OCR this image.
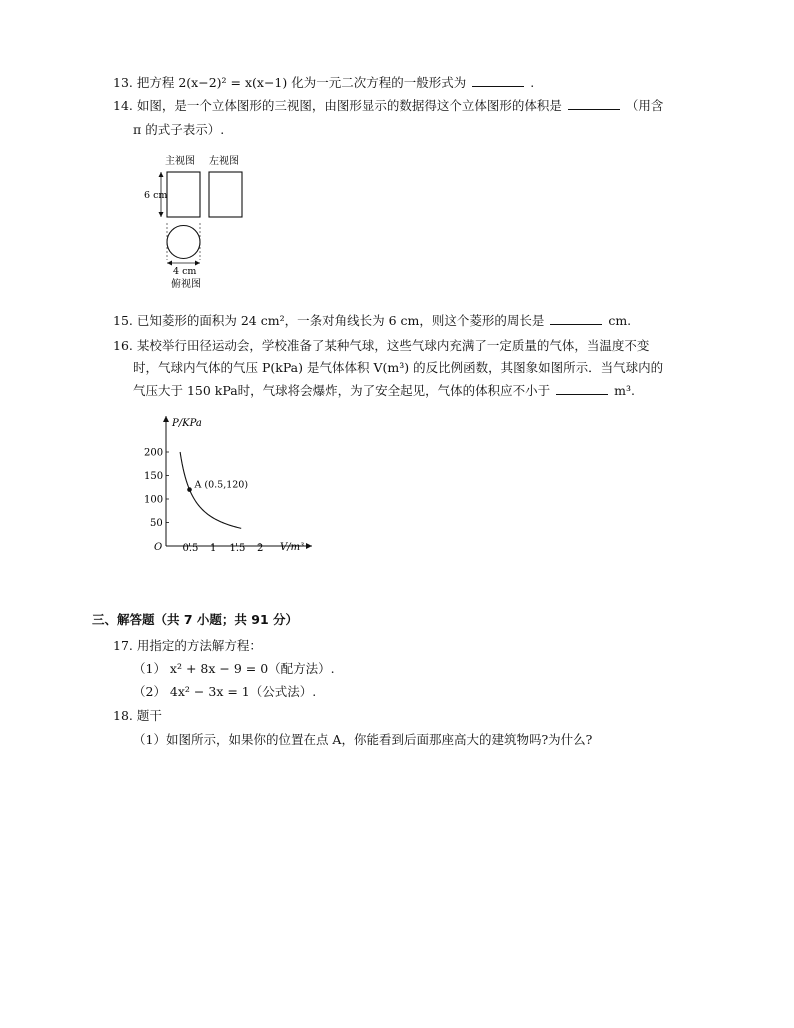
13. 把方程 2(x−2)² = x(x−1) 化为一元二次方程的一般形式为	.
14. 如图，是一个立体图形的三视图，由图形显示的数据得这个立体图形的体积是	（用含
π 的式子表示）.
主视图 左视图
6 cm
4 cm
俯视图
15. 已知菱形的面积为 24 cm²，一条对角线长为 6 cm，则这个菱形的周长是	cm.
16. 某校举行田径运动会，学校准备了某种气球，这些气球内充满了一定质量的气体，当温度不变
时，气球内气体的气压 P(kPa) 是气体体积 V(m³) 的反比例函数，其图象如图所示．当气球内的
气压大于 150 kPa时，气球将会爆炸，为了安全起见，气体的体积应不小于	m³.
P/KPa
V/m³
O 0.5 1 1.5 2
50
100
150
200
A (0.5,120)
三、解答题（共 7 小题；共 91 分）
17. 用指定的方法解方程：
（1） x² + 8x − 9 = 0（配方法）.
（2） 4x² − 3x = 1（公式法）.
18. 题干
（1）如图所示，如果你的位置在点 A，你能看到后面那座高大的建筑物吗?为什么?
